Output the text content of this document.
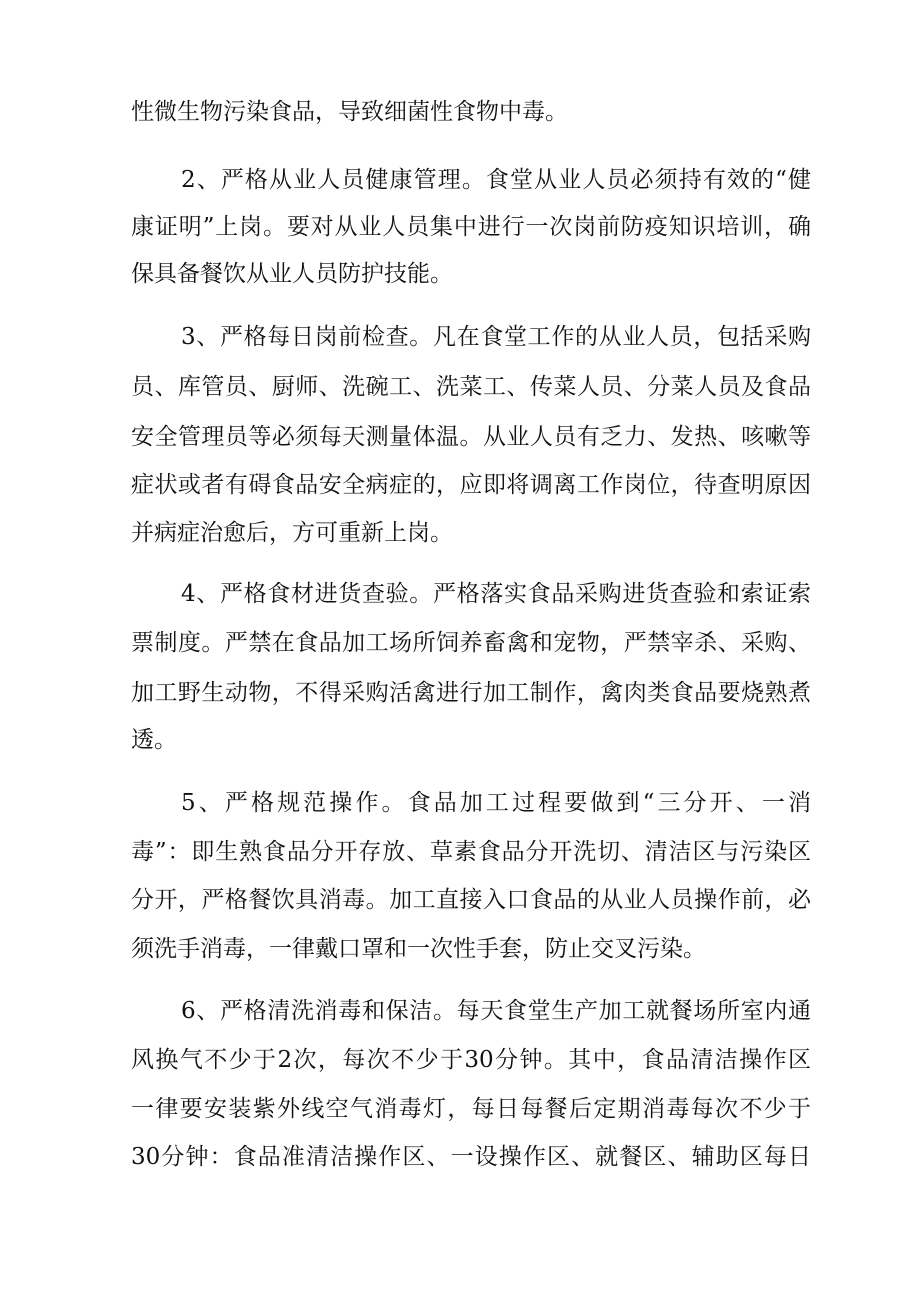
性微生物污染食品，导致细菌性食物中毒。
2、严格从业人员健康管理。食堂从业人员必须持有效的“健
康证明”上岗。要对从业人员集中进行一次岗前防疫知识培训，确
保具备餐饮从业人员防护技能。
3、严格每日岗前检查。凡在食堂工作的从业人员，包括采购
员、库管员、厨师、洗碗工、洗菜工、传菜人员、分菜人员及食品
安全管理员等必须每天测量体温。从业人员有乏力、发热、咳嗽等
症状或者有碍食品安全病症的，应即将调离工作岗位，待查明原因
并病症治愈后，方可重新上岗。
4、严格食材进货查验。严格落实食品采购进货查验和索证索
票制度。严禁在食品加工场所饲养畜禽和宠物，严禁宰杀、采购、
加工野生动物，不得采购活禽进行加工制作，禽肉类食品要烧熟煮
透。
5、严格规范操作。食品加工过程要做到“三分开、一消
毒”：即生熟食品分开存放、草素食品分开洗切、清洁区与污染区
分开，严格餐饮具消毒。加工直接入口食品的从业人员操作前，必
须洗手消毒，一律戴口罩和一次性手套，防止交叉污染。
6、严格清洗消毒和保洁。每天食堂生产加工就餐场所室内通
风换气不少于2次，每次不少于30分钟。其中，食品清洁操作区
一律要安装紫外线空气消毒灯，每日每餐后定期消毒每次不少于
30分钟：食品准清洁操作区、一设操作区、就餐区、辅助区每日
